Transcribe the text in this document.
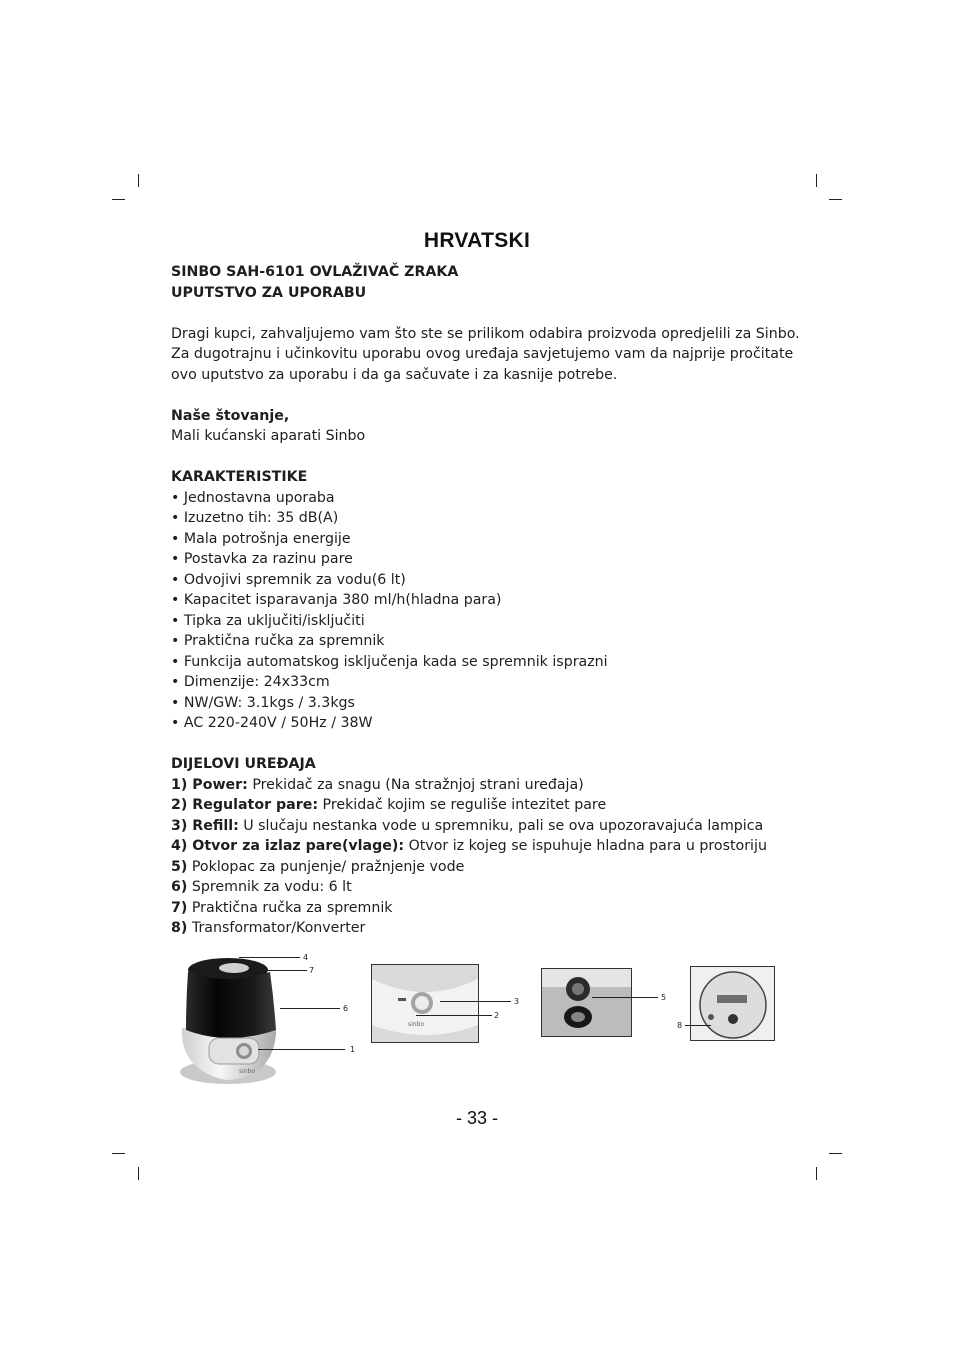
HRVATSKI

SINBO SAH-6101 OVLAŽIVAČ ZRAKA

UPUTSTVO ZA UPORABU

Dragi kupci, zahvaljujemo vam što ste se prilikom odabira proizvoda opredjelili za Sinbo.

Za dugotrajnu i učinkovitu uporabu ovog uređaja savjetujemo vam da najprije pročitate

ovo uputstvo za uporabu i da ga sačuvate i za kasnije potrebe.

Naše štovanje,

Mali kućanski aparati Sinbo

KARAKTERISTIKE

• Jednostavna uporaba

• Izuzetno tih: 35 dB(A)

• Mala potrošnja energije

• Postavka za razinu pare

• Odvojivi spremnik za vodu(6 lt)

• Kapacitet isparavanja 380 ml/h(hladna para)

• Tipka za uključiti/isključiti

• Praktična ručka za spremnik

• Funkcija automatskog isključenja kada se spremnik isprazni

• Dimenzije: 24x33cm

• NW/GW: 3.1kgs / 3.3kgs

• AC 220-240V / 50Hz / 38W

DIJELOVI UREĐAJA

1) Power: Prekidač za snagu (Na stražnjoj strani uređaja)

2) Regulator pare: Prekidač kojim se reguliše intezitet pare

3) Refill: U slučaju nestanka vode u spremniku, pali se ova upozoravajuća lampica

4) Otvor za izlaz pare(vlage): Otvor iz kojeg se ispuhuje hladna para u prostoriju

5) Poklopac za punjenje/ pražnjenje vode

6) Spremnik za vodu: 6 lt

7) Praktična ručka za spremnik

8) Transformator/Konverter

sinbo
4
7
6
1
sinbo
3
2
5
8
- 33 -
